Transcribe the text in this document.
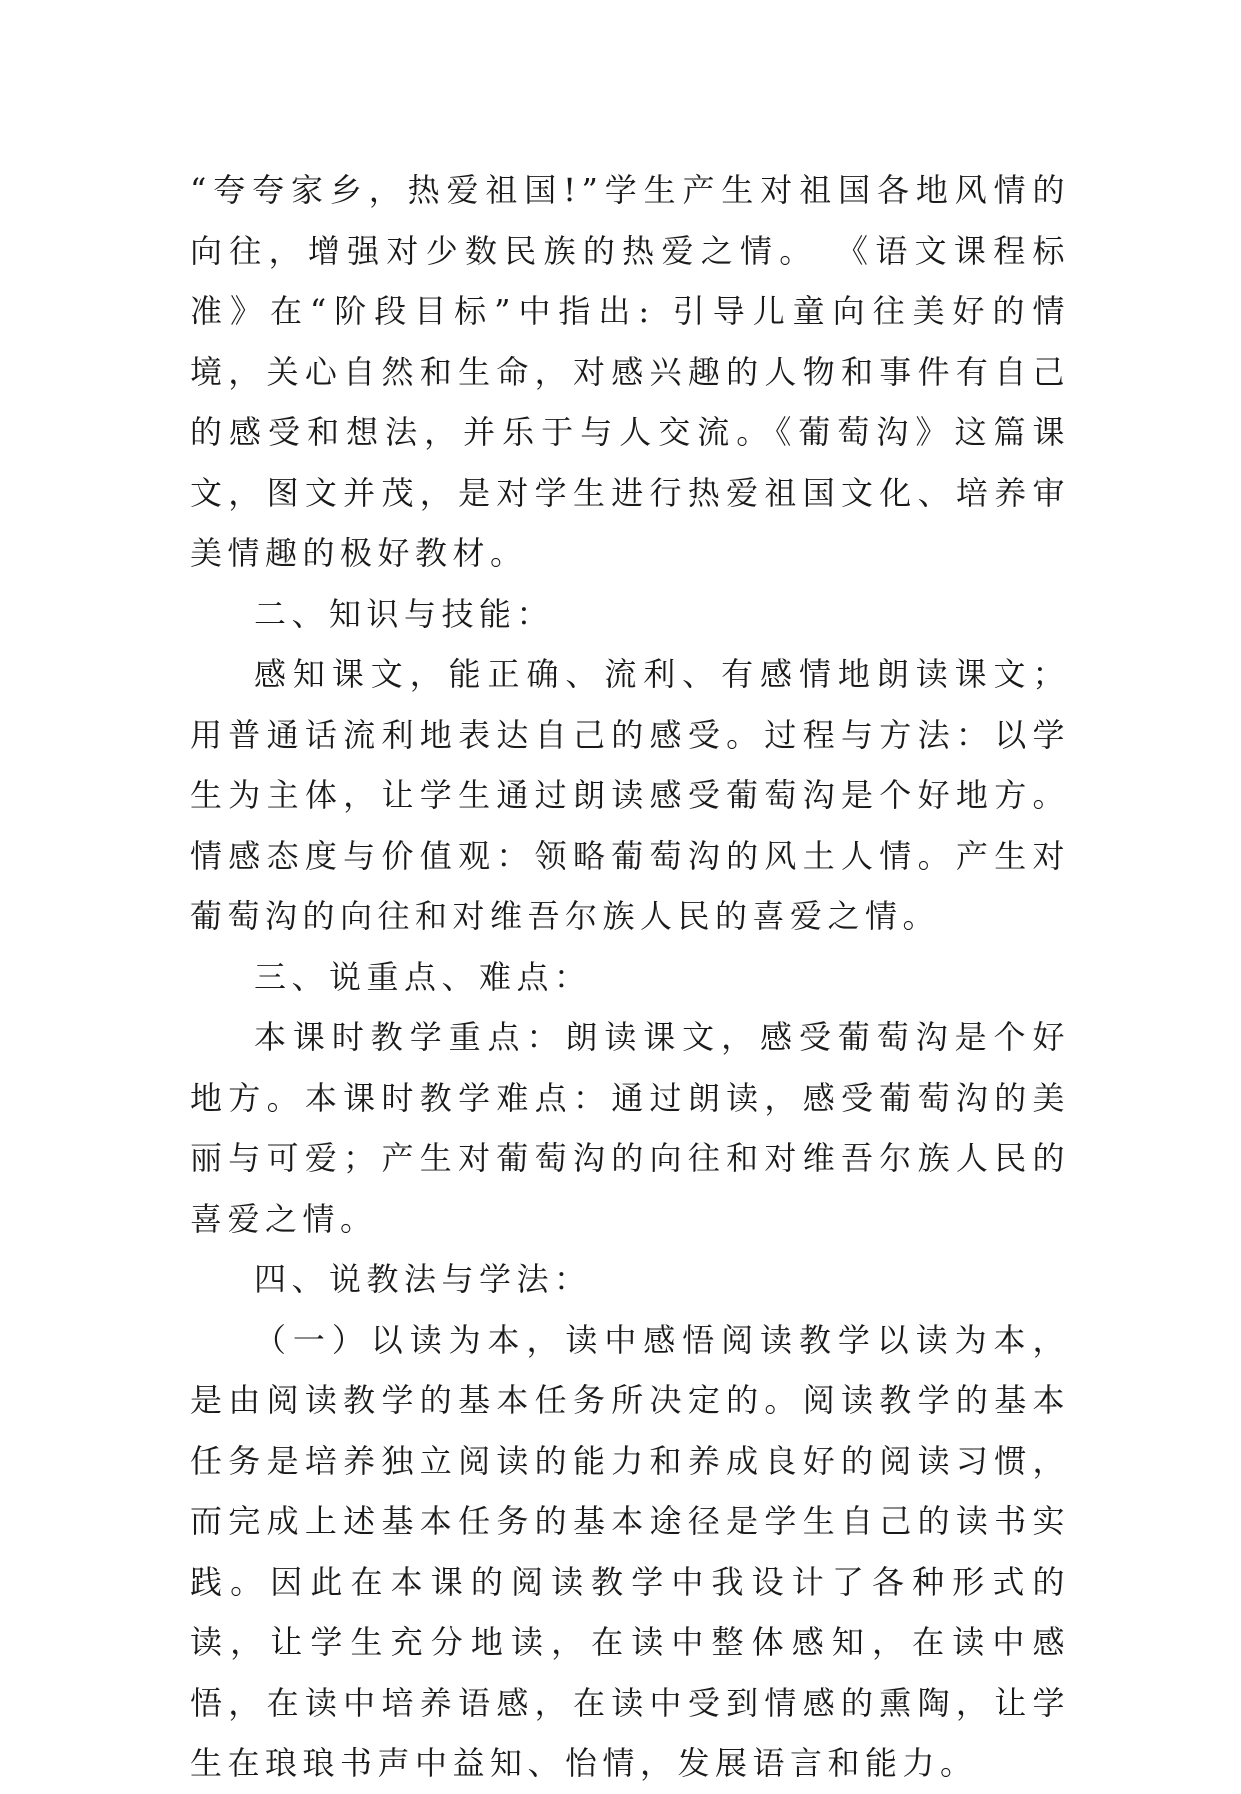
“夸夸家乡，热爱祖国!”学生产生对祖国各地风情的向往，增强对少数民族的热爱之情。 《语文课程标准》在“阶段目标”中指出: 引导儿童向往美好的情境，关心自然和生命，对感兴趣的人物和事件有自己的感受和想法，并乐于与人交流。《葡萄沟》这篇课文，图文并茂，是对学生进行热爱祖国文化、培养审美情趣的极好教材。

二、知识与技能：

感知课文，能正确、流利、有感情地朗读课文；用普通话流利地表达自己的感受。过程与方法：以学生为主体，让学生通过朗读感受葡萄沟是个好地方。情感态度与价值观：领略葡萄沟的风土人情。产生对葡萄沟的向往和对维吾尔族人民的喜爱之情。

三、说重点、难点：

本课时教学重点：朗读课文，感受葡萄沟是个好地方。本课时教学难点：通过朗读，感受葡萄沟的美丽与可爱；产生对葡萄沟的向往和对维吾尔族人民的喜爱之情。

四、说教法与学法：

（一）以读为本，读中感悟阅读教学以读为本，是由阅读教学的基本任务所决定的。阅读教学的基本任务是培养独立阅读的能力和养成良好的阅读习惯，而完成上述基本任务的基本途径是学生自己的读书实践。因此在本课的阅读教学中我设计了各种形式的读，让学生充分地读，在读中整体感知，在读中感悟，在读中培养语感，在读中受到情感的熏陶，让学生在琅琅书声中益知、怡情，发展语言和能力。
